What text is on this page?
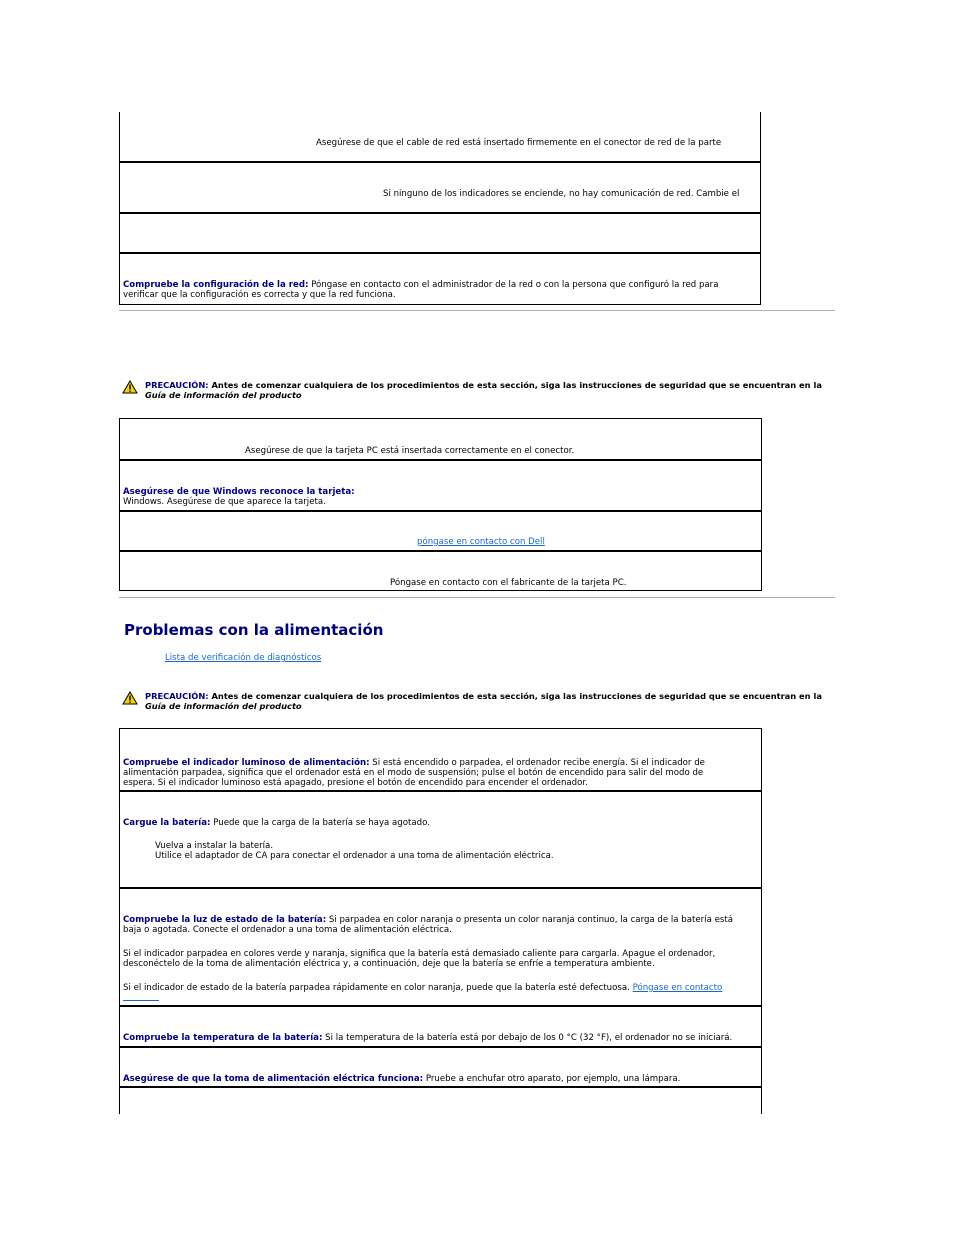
Asegúrese de que el cable de red está insertado firmemente en el conector de red de la parte
Si ninguno de los indicadores se enciende, no hay comunicación de red. Cambie el
Compruebe la configuración de la red: Póngase en contacto con el administrador de la red o con la persona que configuró la red para
verificar que la configuración es correcta y que la red funciona.
PRECAUCIÓN: Antes de comenzar cualquiera de los procedimientos de esta sección, siga las instrucciones de seguridad que se encuentran en la
Guía de información del producto
Asegúrese de que la tarjeta PC está insertada correctamente en el conector.
Asegúrese de que Windows reconoce la tarjeta:
Windows. Asegúrese de que aparece la tarjeta.
póngase en contacto con Dell
Póngase en contacto con el fabricante de la tarjeta PC.
Problemas con la alimentación
Lista de verificación de diagnósticos
PRECAUCIÓN: Antes de comenzar cualquiera de los procedimientos de esta sección, siga las instrucciones de seguridad que se encuentran en la
Guía de información del producto
Compruebe el indicador luminoso de alimentación: Si está encendido o parpadea, el ordenador recibe energía. Si el indicador de
alimentación parpadea, significa que el ordenador está en el modo de suspensión; pulse el botón de encendido para salir del modo de
espera. Si el indicador luminoso está apagado, presione el botón de encendido para encender el ordenador.
Cargue la batería: Puede que la carga de la batería se haya agotado.
Vuelva a instalar la batería.
Utilice el adaptador de CA para conectar el ordenador a una toma de alimentación eléctrica.
Compruebe la luz de estado de la batería: Si parpadea en color naranja o presenta un color naranja continuo, la carga de la batería está
baja o agotada. Conecte el ordenador a una toma de alimentación eléctrica.
Si el indicador parpadea en colores verde y naranja, significa que la batería está demasiado caliente para cargarla. Apague el ordenador,
desconéctelo de la toma de alimentación eléctrica y, a continuación, deje que la batería se enfríe a temperatura ambiente.
Si el indicador de estado de la batería parpadea rápidamente en color naranja, puede que la batería esté defectuosa. Póngase en contacto
Compruebe la temperatura de la batería: Si la temperatura de la batería está por debajo de los 0 °C (32 °F), el ordenador no se iniciará.
Asegúrese de que la toma de alimentación eléctrica funciona: Pruebe a enchufar otro aparato, por ejemplo, una lámpara.
